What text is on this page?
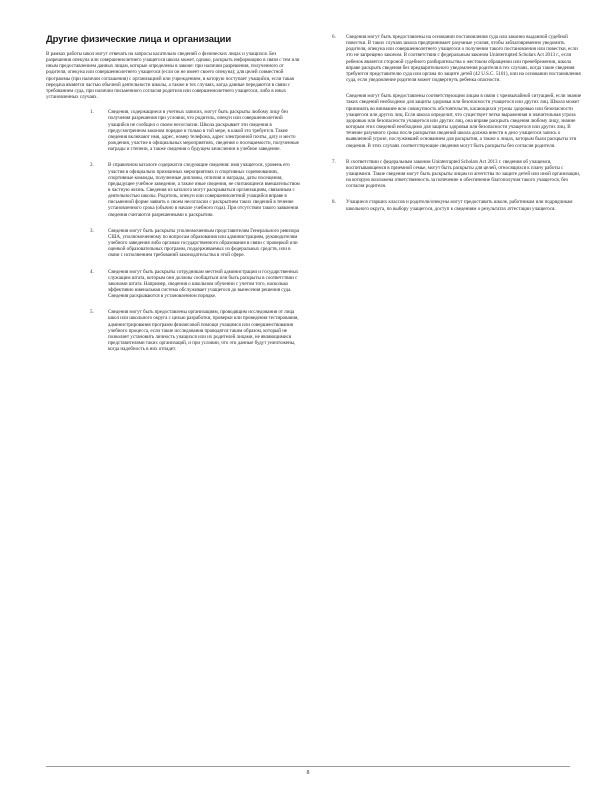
Другие физические лица и организации

В рамках работы школ могут отвечать на запросы касательно сведений о физических лицах и учащихся. Без разрешения опекуна или совершеннолетнего учащегося школа может, однако, раскрыть информацию в связи с тем или иным предоставлением данных лицам, которые определены в законе: при наличии разрешения, полученного от родителя, опекуна или совершеннолетнего учащегося (если он не имеет своего опекуна); для целей совместной программы (при наличии соглашения) с организацией или учреждением, в которую поступает учащийся, если такая передача является частью обычной деятельности школы, а также в тех случаях, когда данные передаются в связи с требованием суда, при наличии письменного согласия родителя или совершеннолетнего учащегося, либо в иных установленных случаях.

1.	Сведения, содержащиеся в учетных записях, могут быть раскрыты любому лицу без получения разрешения при условии, что родитель, опекун или совершеннолетний учащийся не сообщил о своем несогласии. Школа раскрывает эти сведения в предусмотренном законом порядке и только в той мере, в какой это требуется. Такие сведения включают имя, адрес, номер телефона, адрес электронной почты, дату и место рождения, участие в официальных мероприятиях, сведения о посещаемости, полученные награды и степени, а также сведения о будущем зачислении в учебное заведение.

2.	В справочном каталоге содержатся следующие сведения: имя учащегося, уровень его участия в официально признанных мероприятиях и спортивных соревнованиях, спортивные команды, полученные дипломы, отличия и награды, даты посещения, предыдущее учебное заведение, а также иные сведения, не считающиеся вмешательством в частную жизнь. Сведения из каталога могут раскрываться организациям, связанным с деятельностью школы. Родитель, опекун или совершеннолетний учащийся вправе в письменной форме заявить о своем несогласии с раскрытием таких сведений в течение установленного срока (обычно в начале учебного года). При отсутствии такого заявления сведения считаются разрешенными к раскрытию.

3.	Сведения могут быть раскрыты уполномоченным представителям Генерального ревизора США, уполномоченному по вопросам образования или администрациям, руководителям учебного заведения либо органам государственного образования в связи с проверкой или оценкой образовательных программ, поддерживаемых из федеральных средств, или в связи с исполнением требований законодательства в этой сфере.

4.	Сведения могут быть раскрыты сотрудникам местной администрации и государственных служащим штата, которым они должны сообщаться или быть раскрыты в соответствии с законами штата. Например, сведения о школьном обучении с учетом того, насколько эффективно ювенальная система обслуживает учащегося до вынесения решения суда. Сведения раскрываются в установленном порядке.

5.	Сведения могут быть предоставлены организациям, проводящим исследования от лица школ или школьного округа с целью разработки, проверки или проведения тестирования, администрирования программ финансовой помощи учащимся или совершенствования учебного процесса, если такие исследования проводятся таким образом, который не позволяет установить личность учащихся или их родителей лицами, не являющимися представителями таких организаций, и при условии, что эти данные будут уничтожены, когда надобность в них отпадет.

6. Сведения могут быть предоставлены на основании постановления суда или законно выданной судебной повестки. В таких случаях школа предпринимает разумные усилия, чтобы заблаговременно уведомить родителя, опекуна или совершеннолетнего учащегося о получении такого постановления или повестки, если это не запрещено законом. В соответствии с федеральным законом Uninterrupted Scholars Act 2013 г., если ребенок является стороной судебного разбирательства о жестоком обращении или пренебрежении, школа вправе раскрыть сведения без предварительного уведомления родителя в тех случаях, когда такие сведения требуются представителю суда или органа по защите детей (42 U.S.C. 5101), или на основании постановления суда, если уведомление родителя может подвергнуть ребенка опасности.

Сведения могут быть предоставлены соответствующим лицам в связи с чрезвычайной ситуацией, если знание таких сведений необходимо для защиты здоровья или безопасности учащегося или других лиц. Школа может принимать во внимание всю совокупность обстоятельств, касающихся угрозы здоровью или безопасности учащегося или других лиц. Если школа определит, что существует четко выраженная и значительная угроза здоровью или безопасности учащегося или других лиц, она вправе раскрыть сведения любому лицу, знание которым этих сведений необходимо для защиты здоровья или безопасности учащегося или других лиц. В течение разумного срока после раскрытия сведений школа должна внести в дело учащегося запись о выявленной угрозе, послужившей основанием для раскрытия, а также о лицах, которым были раскрыты эти сведения. В этих случаях соответствующие сведения могут быть раскрыты без согласия родителя.

7. В соответствии с федеральным законом Uninterrupted Scholars Act 2013 г. сведения об учащемся, воспитывающемся в приемной семье, могут быть раскрыты для целей, относящихся к плану работы с учащимися. Такие сведения могут быть раскрыты лицам из агентства по защите детей или иной организации, на которую возложена ответственность за попечение и обеспечение благополучия такого учащегося, без согласия родителя.

8. Учащиеся старших классов и родители/опекуны могут предоставить школе, работникам или подрядчикам школьного округа, по выбору учащегося, доступ к сведениям о результатах аттестации учащегося.

8
